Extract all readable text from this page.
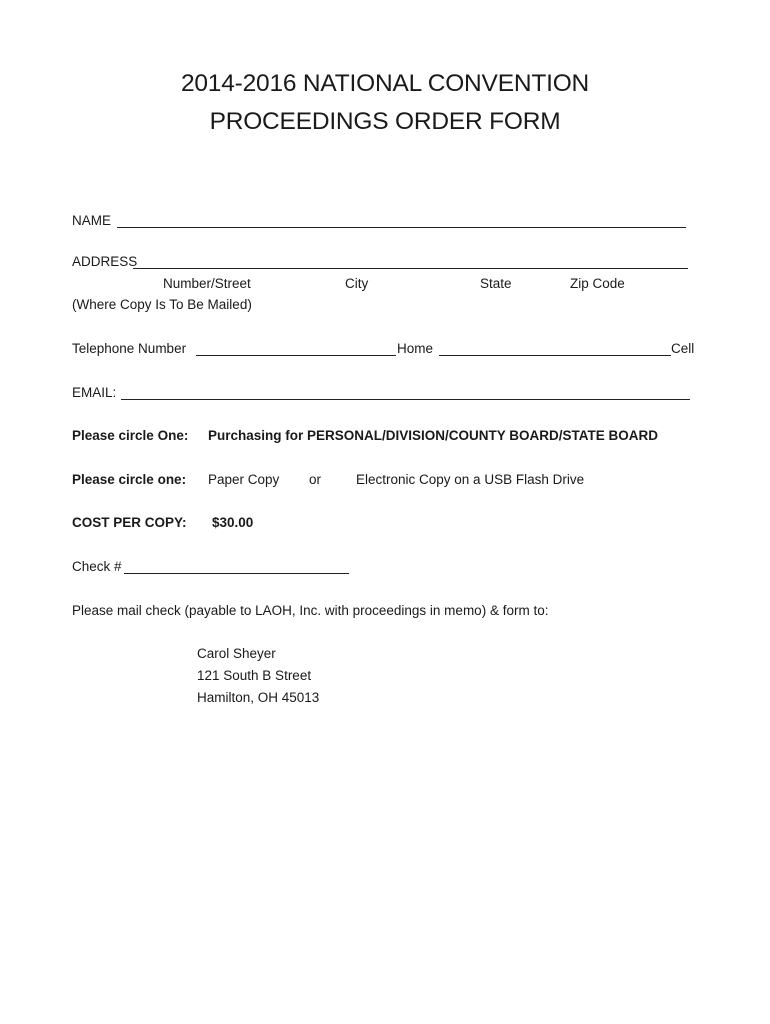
2014-2016 NATIONAL CONVENTION
PROCEEDINGS ORDER FORM
NAME
ADDRESS
Number/Street	City	State	Zip Code
(Where Copy Is To Be Mailed)
Telephone Number	Home	Cell
EMAIL:
Please circle One: Purchasing for PERSONAL/DIVISION/COUNTY BOARD/STATE BOARD
Please circle one: Paper Copy or	Electronic Copy on a USB Flash Drive
COST PER COPY: $30.00
Check #
Please mail check (payable to LAOH, Inc. with proceedings in memo) & form to:
Carol Sheyer
121 South B Street
Hamilton, OH 45013
